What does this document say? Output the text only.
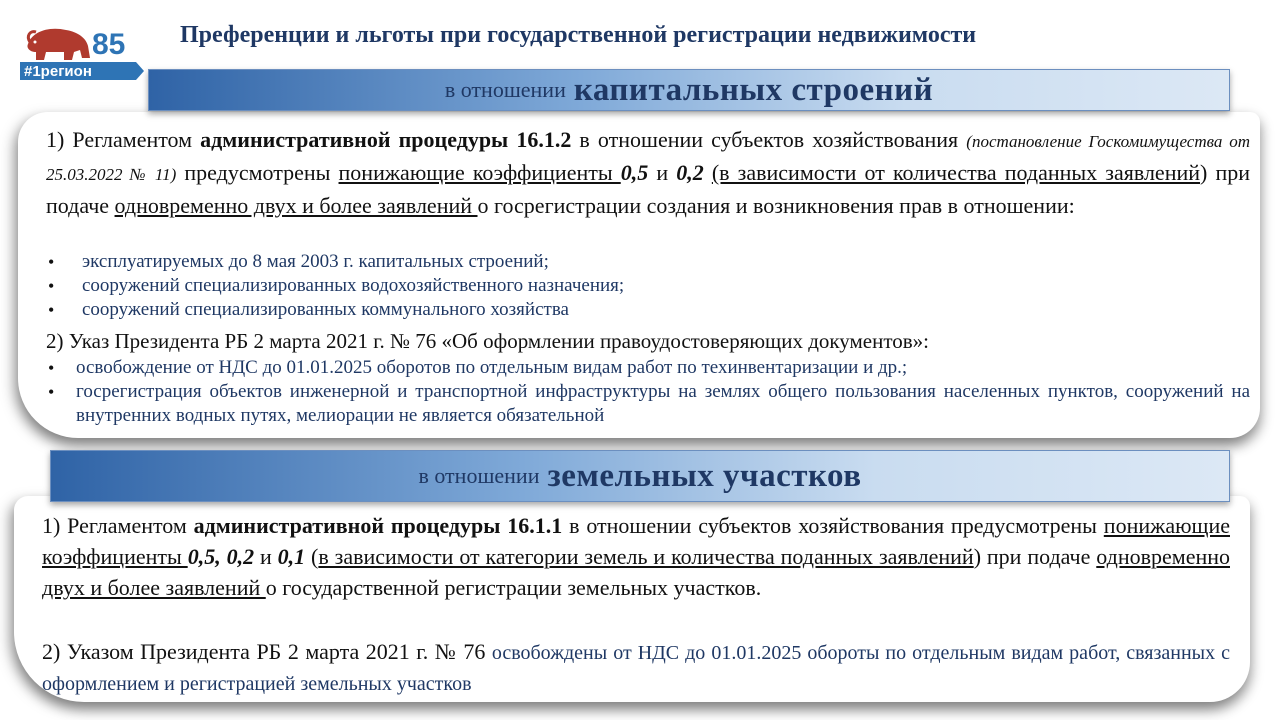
85
#1регион
Преференции и льготы при государственной регистрации недвижимости
в отношении капитальных строений
1) Регламентом административной процедуры 16.1.2 в отношении субъектов хозяйствования (постановление Госкомимущества от 25.03.2022 № 11) предусмотрены понижающие коэффициенты 0,5 и 0,2 (в зависимости от количества поданных заявлений) при подаче одновременно двух и более заявлений о госрегистрации создания и возникновения прав в отношении:
• эксплуатируемых до 8 мая 2003 г. капитальных строений;
• сооружений специализированных водохозяйственного назначения;
• сооружений специализированных коммунального хозяйства
2) Указ Президента РБ 2 марта 2021 г. № 76 «Об оформлении правоудостоверяющих документов»:
• освобождение от НДС до 01.01.2025 оборотов по отдельным видам работ по техинвентаризации и др.;
• госрегистрация объектов инженерной и транспортной инфраструктуры на землях общего пользования населенных пунктов, сооружений на внутренних водных путях, мелиорации не является обязательной
в отношении земельных участков
1) Регламентом административной процедуры 16.1.1 в отношении субъектов хозяйствования предусмотрены понижающие коэффициенты 0,5, 0,2 и 0,1 (в зависимости от категории земель и количества поданных заявлений) при подаче одновременно двух и более заявлений о государственной регистрации земельных участков.
2) Указом Президента РБ 2 марта 2021 г. № 76 освобождены от НДС до 01.01.2025 обороты по отдельным видам работ, связанных с оформлением и регистрацией земельных участков
